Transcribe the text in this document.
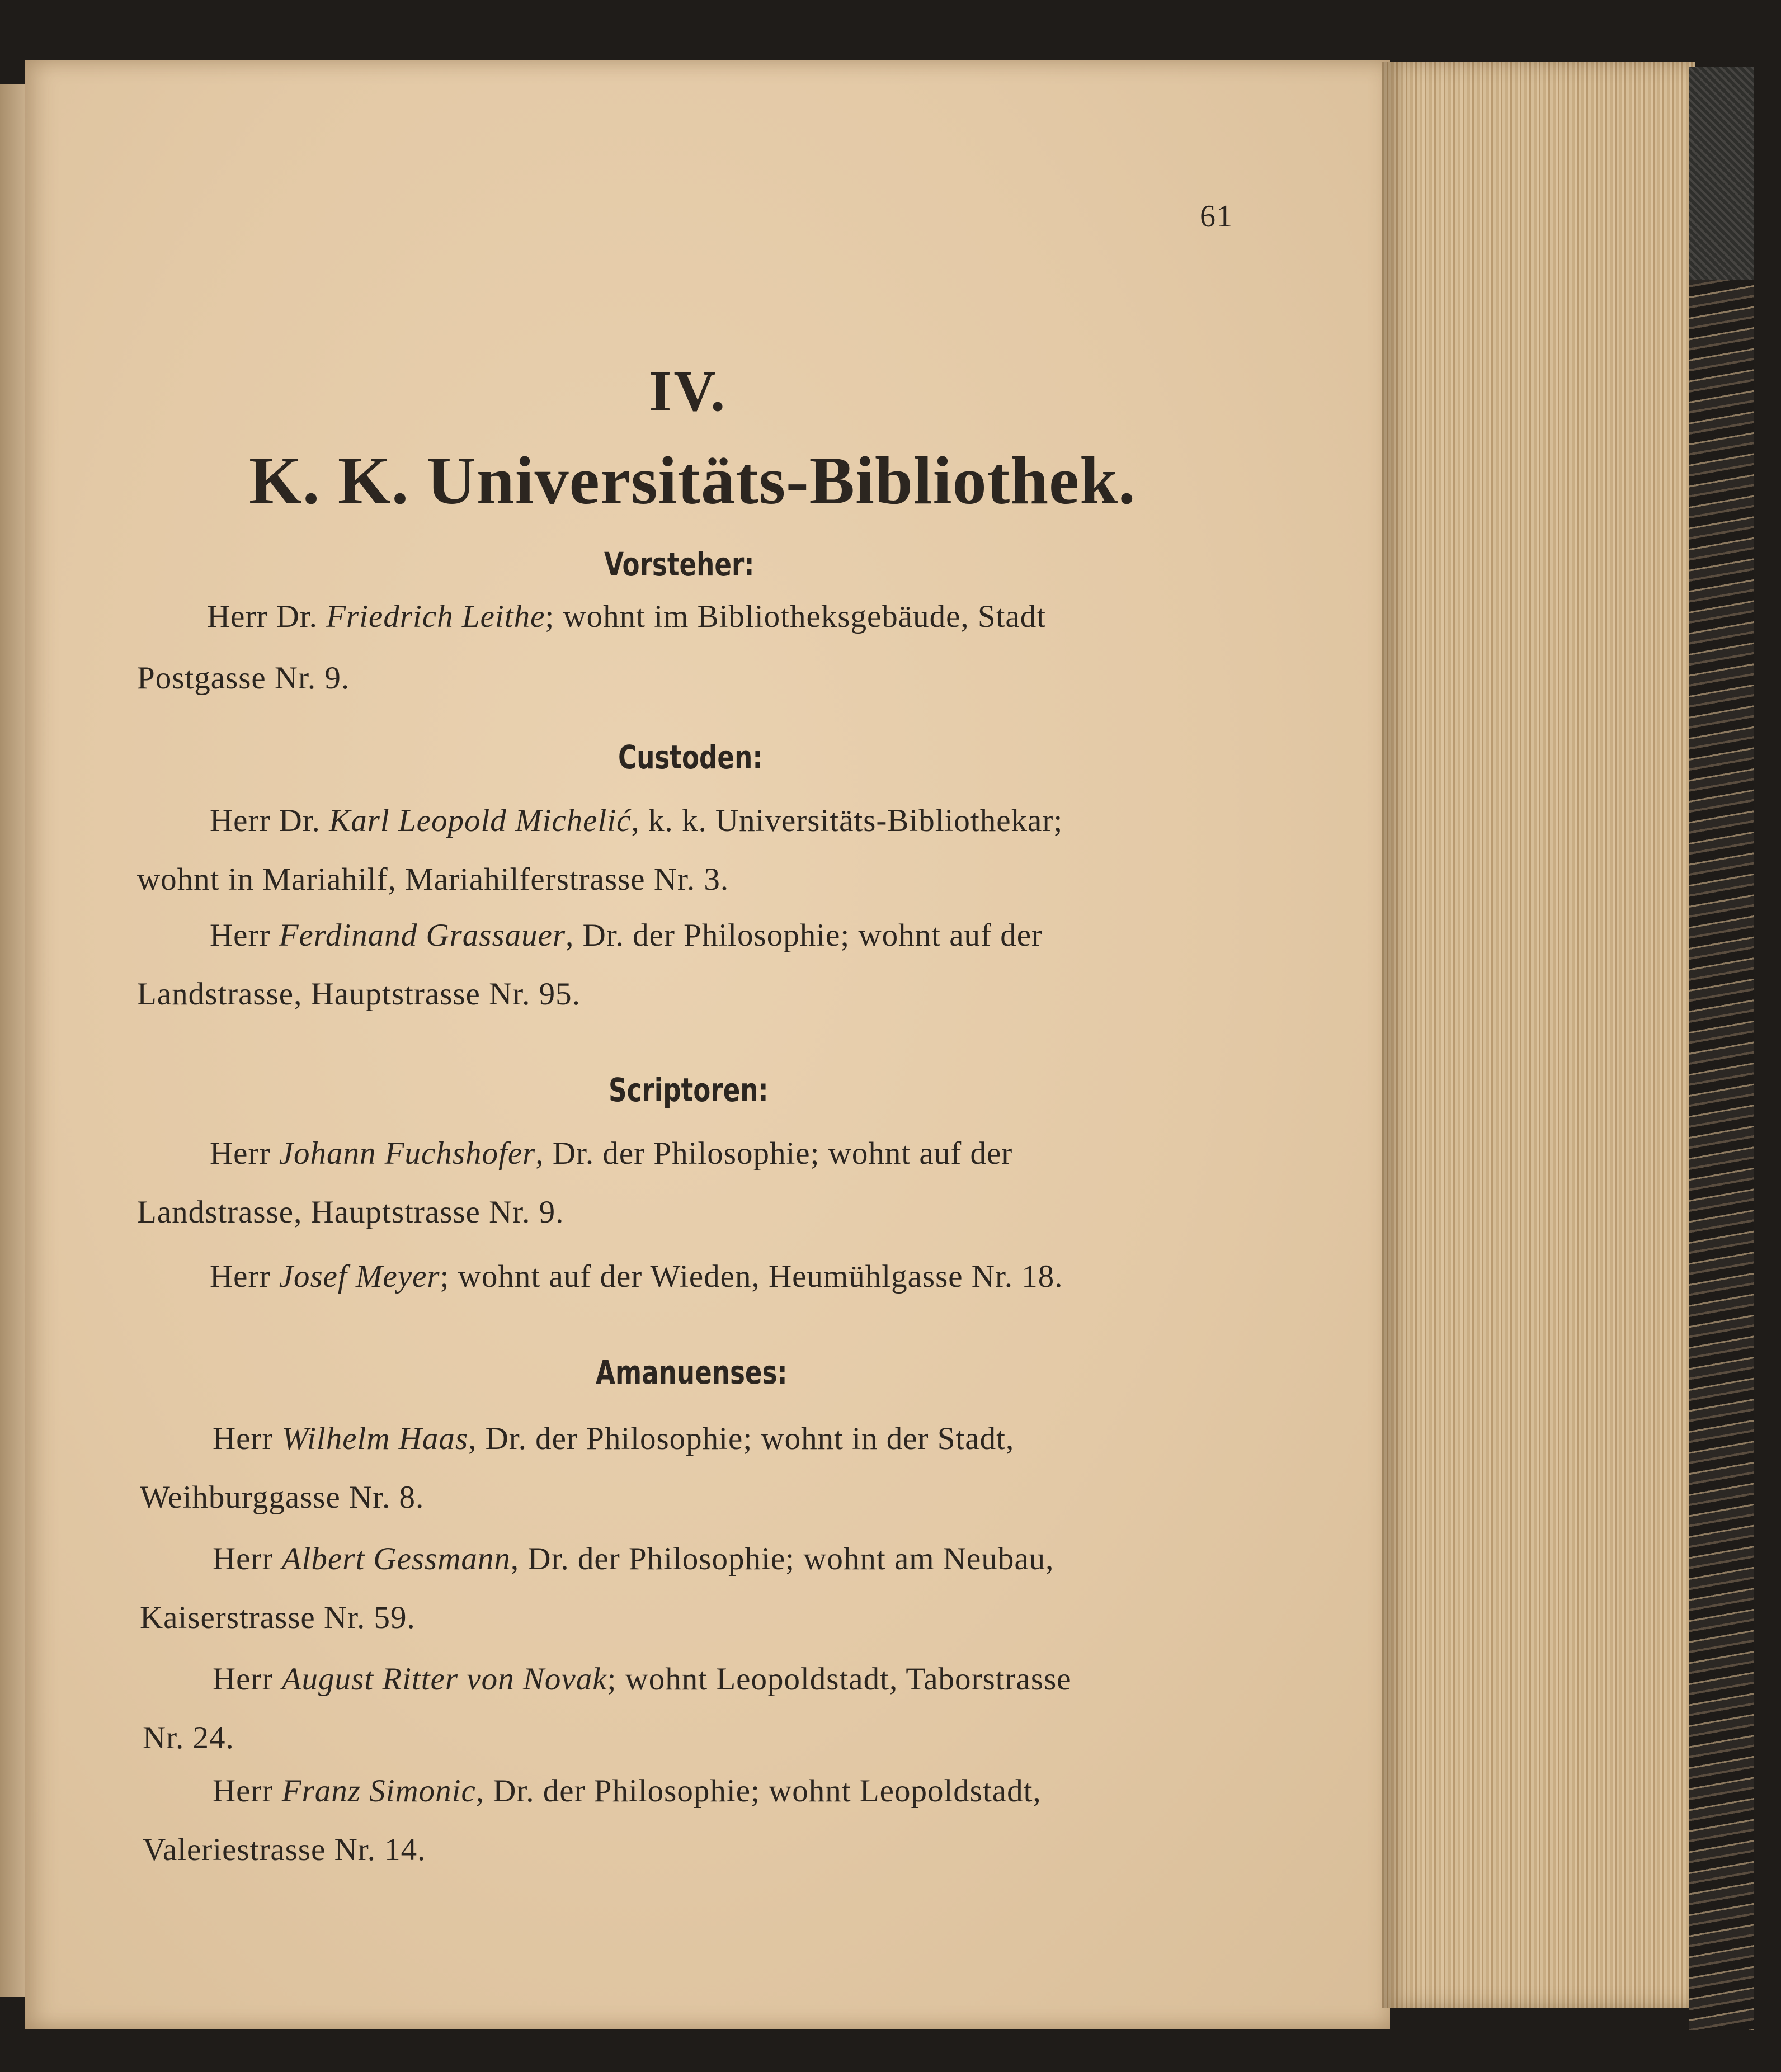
61
IV.
K. K. Universitäts-Bibliothek.
Vorsteher:
Herr Dr. Friedrich Leithe; wohnt im Bibliotheksgebäude, Stadt
Postgasse Nr. 9.
Custoden:
Herr Dr. Karl Leopold Michelić, k. k. Universitäts-Bibliothekar;
wohnt in Mariahilf, Mariahilferstrasse Nr. 3.
Herr Ferdinand Grassauer, Dr. der Philosophie; wohnt auf der
Landstrasse, Hauptstrasse Nr. 95.
Scriptoren:
Herr Johann Fuchshofer, Dr. der Philosophie; wohnt auf der
Landstrasse, Hauptstrasse Nr. 9.
Herr Josef Meyer; wohnt auf der Wieden, Heumühlgasse Nr. 18.
Amanuenses:
Herr Wilhelm Haas, Dr. der Philosophie; wohnt in der Stadt,
Weihburggasse Nr. 8.
Herr Albert Gessmann, Dr. der Philosophie; wohnt am Neubau,
Kaiserstrasse Nr. 59.
Herr August Ritter von Novak; wohnt Leopoldstadt, Taborstrasse
Nr. 24.
Herr Franz Simonic, Dr. der Philosophie; wohnt Leopoldstadt,
Valeriestrasse Nr. 14.
